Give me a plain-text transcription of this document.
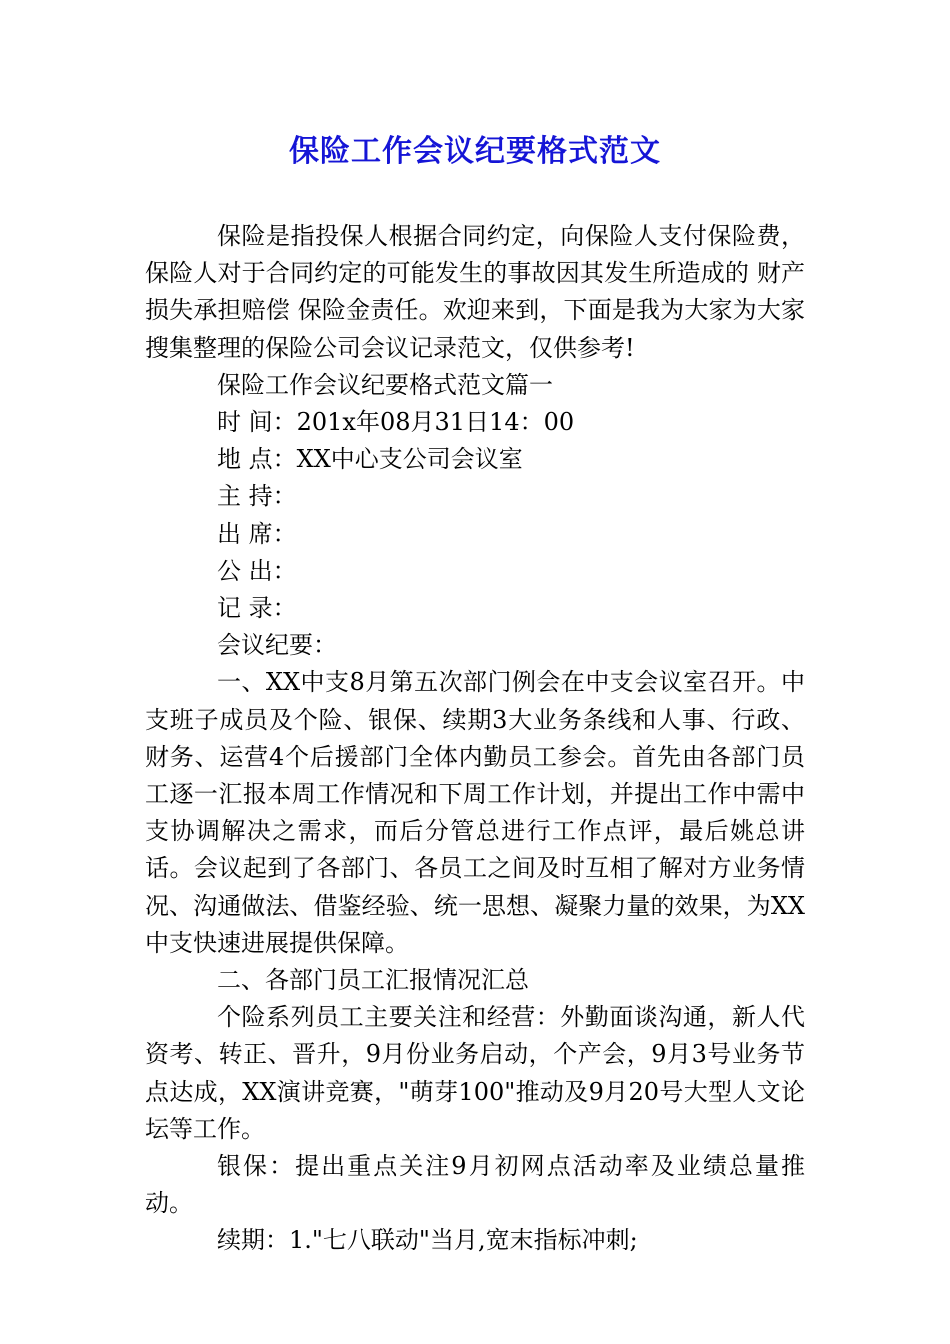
保险工作会议纪要格式范文

保险是指投保人根据合同约定，向保险人支付保险费，保险人对于合同约定的可能发生的事故因其发生所造成的 财产损失承担赔偿 保险金责任。欢迎来到，下面是我为大家为大家搜集整理的保险公司会议记录范文，仅供参考!

保险工作会议纪要格式范文篇一

时 间：201x年08月31日14：00

地 点：XX中心支公司会议室

主 持：

出 席：

公 出：

记 录：

会议纪要：

一、XX中支8月第五次部门例会在中支会议室召开。中支班子成员及个险、银保、续期3大业务条线和人事、行政、财务、运营4个后援部门全体内勤员工参会。首先由各部门员工逐一汇报本周工作情况和下周工作计划，并提出工作中需中支协调解决之需求，而后分管总进行工作点评，最后姚总讲话。会议起到了各部门、各员工之间及时互相了解对方业务情况、沟通做法、借鉴经验、统一思想、凝聚力量的效果，为XX中支快速进展提供保障。

二、各部门员工汇报情况汇总

个险系列员工主要关注和经营：外勤面谈沟通，新人代资考、转正、晋升，9月份业务启动，个产会，9月3号业务节点达成，XX演讲竞赛，"萌芽100"推动及9月20号大型人文论坛等工作。

银保：提出重点关注9月初网点活动率及业绩总量推动。

续期：1."七八联动"当月,宽末指标冲刺;
